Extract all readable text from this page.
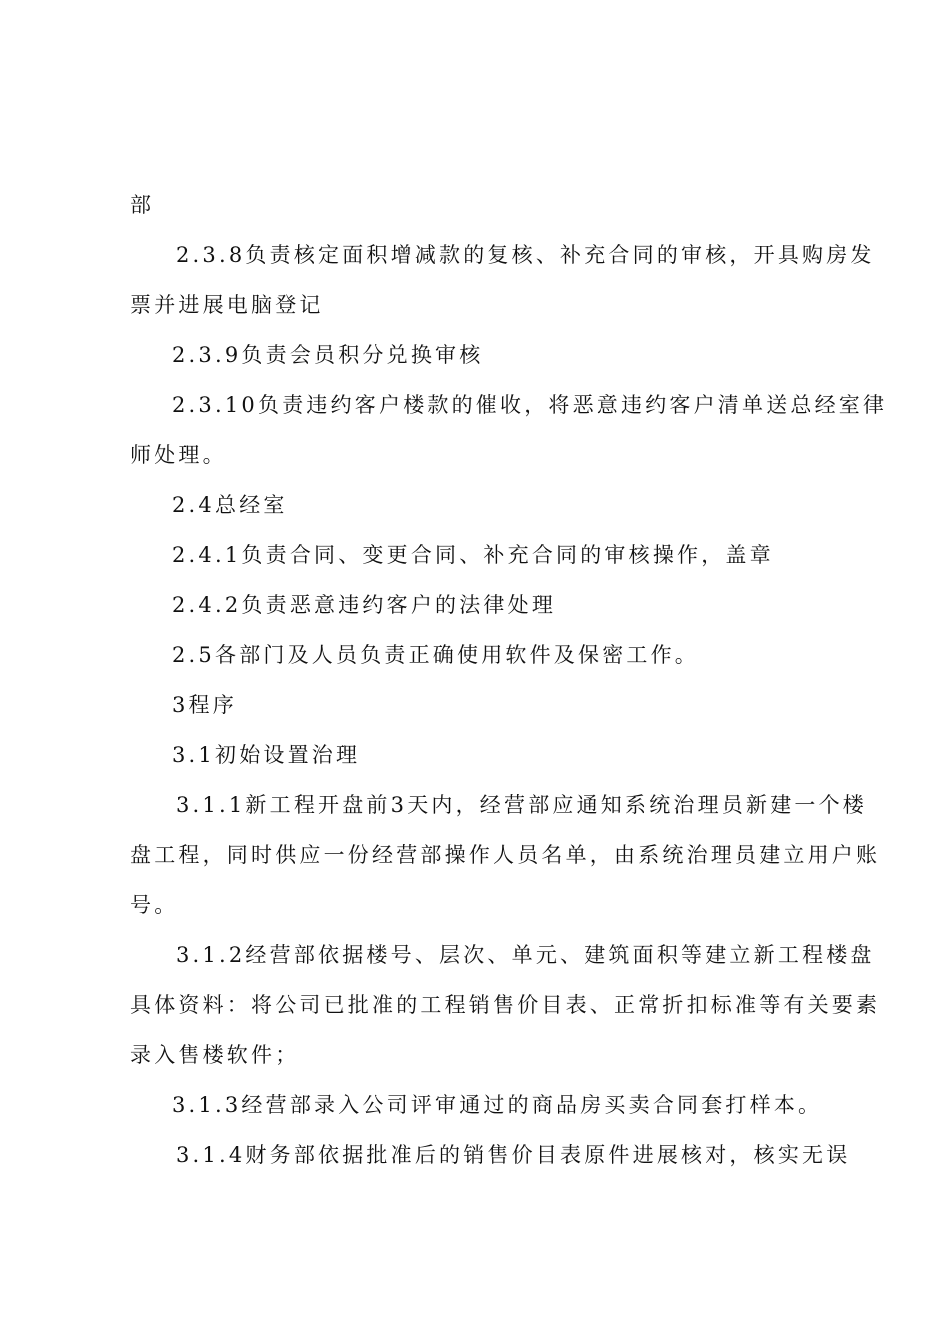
部
2.3.8负责核定面积增减款的复核、补充合同的审核，开具购房发
票并进展电脑登记
2.3.9负责会员积分兑换审核
2.3.10负责违约客户楼款的催收，将恶意违约客户清单送总经室律
师处理。
2.4总经室
2.4.1负责合同、变更合同、补充合同的审核操作，盖章
2.4.2负责恶意违约客户的法律处理
2.5各部门及人员负责正确使用软件及保密工作。
3程序
3.1初始设置治理
3.1.1新工程开盘前3天内，经营部应通知系统治理员新建一个楼
盘工程，同时供应一份经营部操作人员名单，由系统治理员建立用户账
号。
3.1.2经营部依据楼号、层次、单元、建筑面积等建立新工程楼盘
具体资料：将公司已批准的工程销售价目表、正常折扣标准等有关要素
录入售楼软件；
3.1.3经营部录入公司评审通过的商品房买卖合同套打样本。
3.1.4财务部依据批准后的销售价目表原件进展核对，核实无误
